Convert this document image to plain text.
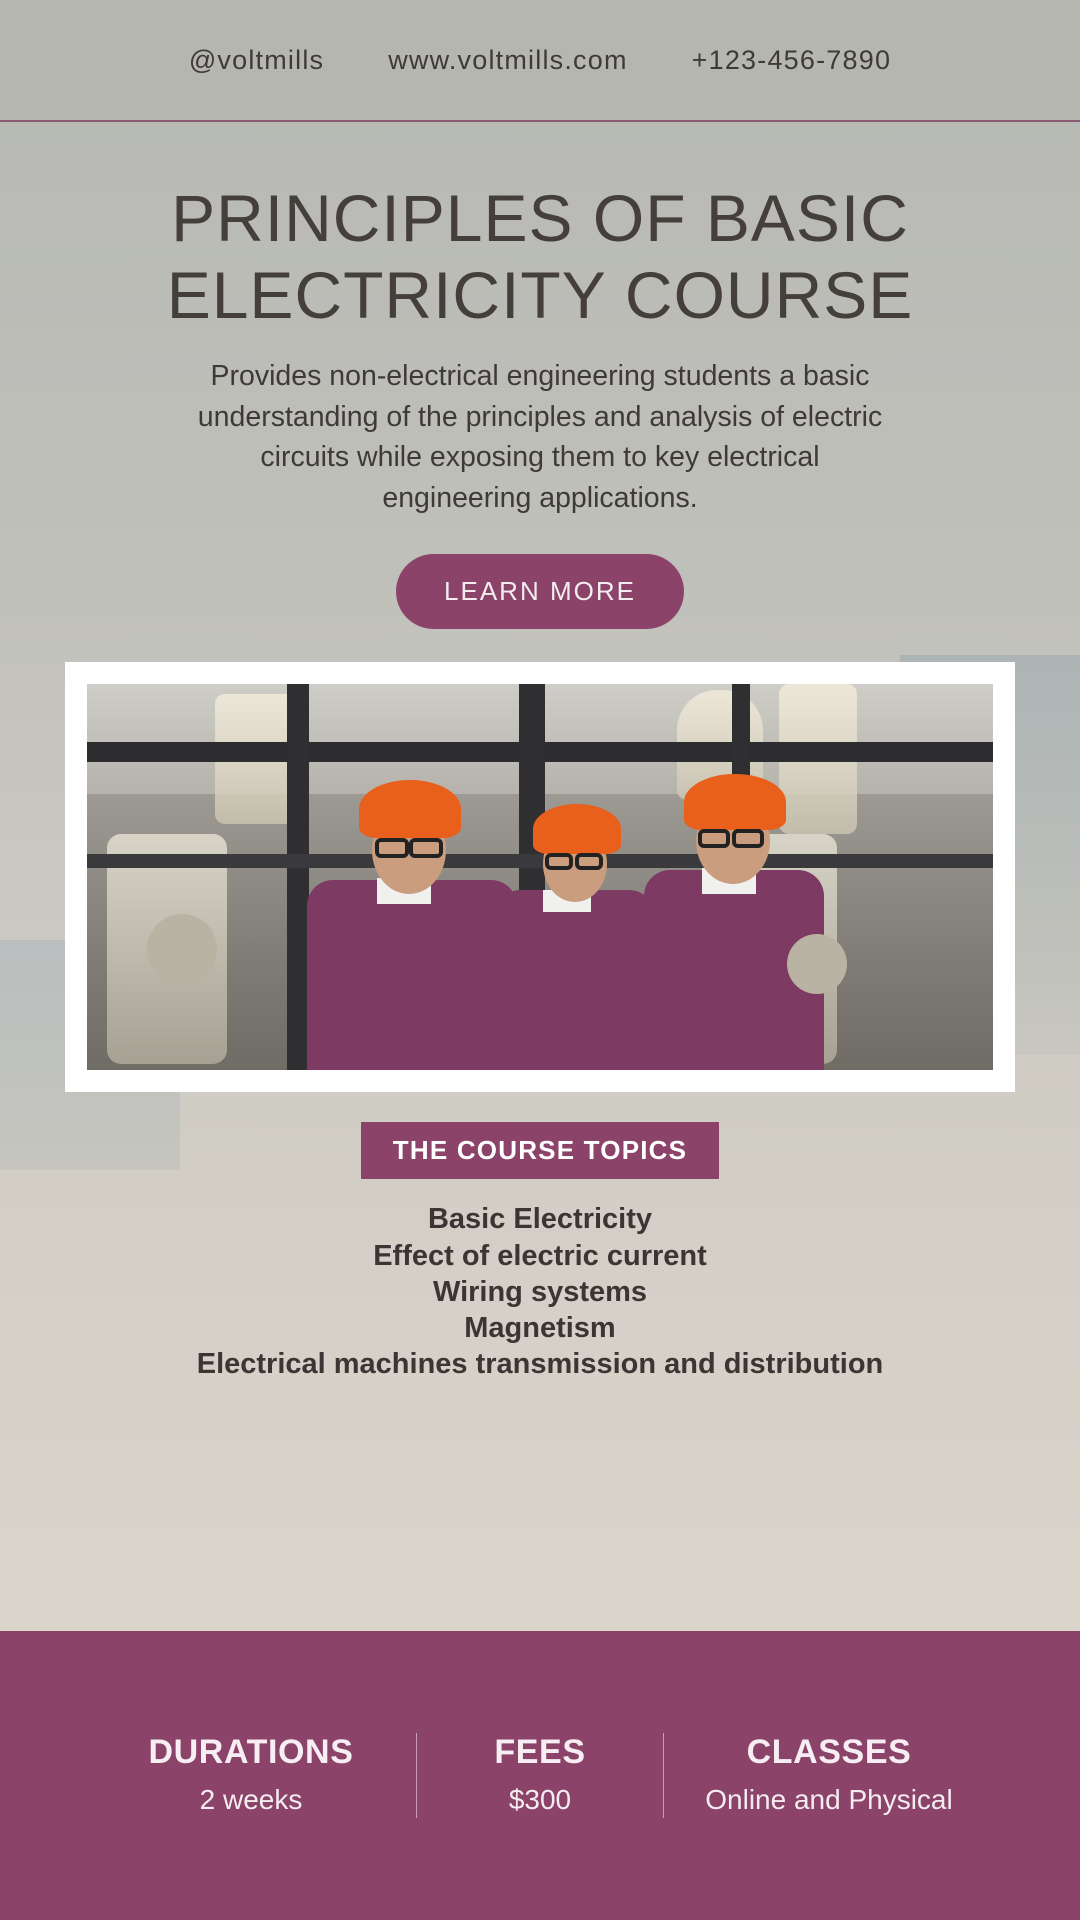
@voltmills www.voltmills.com +123-456-7890
PRINCIPLES OF BASIC ELECTRICITY COURSE

Provides non-electrical engineering students a basic understanding of the principles and analysis of electric circuits while exposing them to key electrical engineering applications.

LEARN MORE
THE COURSE TOPICS
Basic Electricity
Effect of electric current
Wiring systems
Magnetism
Electrical machines transmission and distribution
DURATIONS
2 weeks
FEES
$300
CLASSES
Online and Physical
